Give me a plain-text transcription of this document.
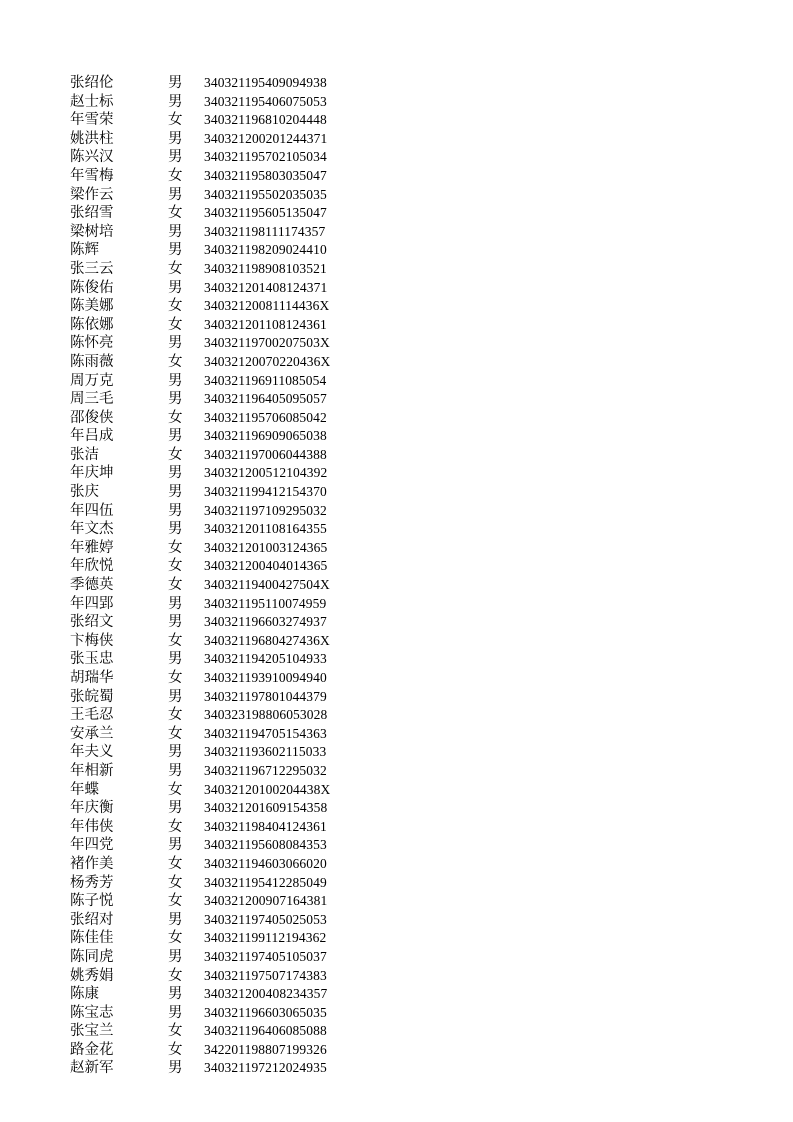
张绍伦	男	340321195409094938
赵士标	男	340321195406075053
年雪荣	女	340321196810204448
姚洪柱	男	340321200201244371
陈兴汉	男	340321195702105034
年雪梅	女	340321195803035047
梁作云	男	340321195502035035
张绍雪	女	340321195605135047
梁树培	男	340321198111174357
陈辉	男	340321198209024410
张三云	女	340321198908103521
陈俊佑	男	340321201408124371
陈美娜	女	34032120081114436X
陈依娜	女	340321201108124361
陈怀亮	男	34032119700207503X
陈雨薇	女	34032120070220436X
周万克	男	340321196911085054
周三毛	男	340321196405095057
邵俊侠	女	340321195706085042
年吕成	男	340321196909065038
张洁	女	340321197006044388
年庆坤	男	340321200512104392
张庆	男	340321199412154370
年四伍	男	340321197109295032
年文杰	男	340321201108164355
年雅婷	女	340321201003124365
年欣悦	女	340321200404014365
季德英	女	34032119400427504X
年四郢	男	340321195110074959
张绍文	男	340321196603274937
卞梅侠	女	34032119680427436X
张玉忠	男	340321194205104933
胡瑞华	女	340321193910094940
张皖蜀	男	340321197801044379
王毛忍	女	340323198806053028
安承兰	女	340321194705154363
年夫义	男	340321193602115033
年相新	男	340321196712295032
年蝶	女	34032120100204438X
年庆衡	男	340321201609154358
年伟侠	女	340321198404124361
年四党	男	340321195608084353
褚作美	女	340321194603066020
杨秀芳	女	340321195412285049
陈子悦	女	340321200907164381
张绍对	男	340321197405025053
陈佳佳	女	340321199112194362
陈同虎	男	340321197405105037
姚秀娟	女	340321197507174383
陈康	男	340321200408234357
陈宝志	男	340321196603065035
张宝兰	女	340321196406085088
路金花	女	342201198807199326
赵新军	男	340321197212024935
